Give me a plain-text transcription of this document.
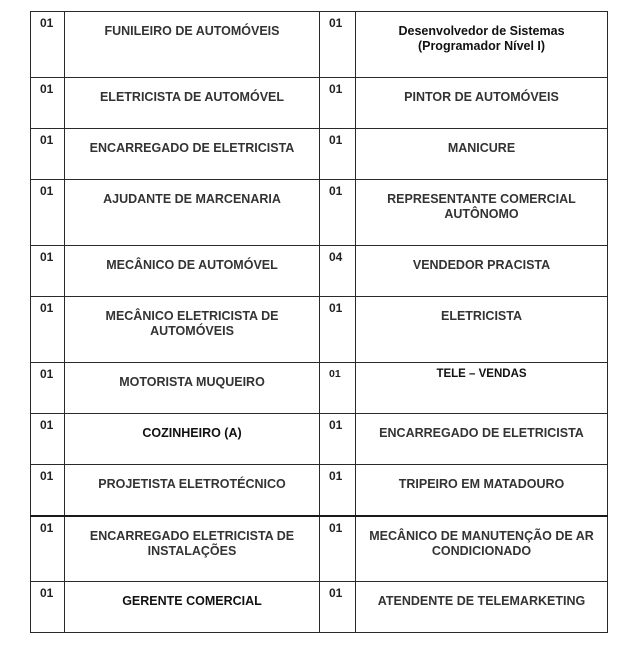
01	FUNILEIRO DE AUTOMÓVEIS	01	Desenvolvedor de Sistemas (Programador Nível I)

01	ELETRICISTA DE AUTOMÓVEL	01	PINTOR DE AUTOMÓVEIS

01	ENCARREGADO DE ELETRICISTA	01	MANICURE

01	AJUDANTE DE MARCENARIA	01	REPRESENTANTE COMERCIAL AUTÔNOMO

01	MECÂNICO DE AUTOMÓVEL	04	VENDEDOR PRACISTA

01	MECÂNICO ELETRICISTA DE AUTOMÓVEIS	01	ELETRICISTA

01	MOTORISTA MUQUEIRO	01	TELE – VENDAS

01	COZINHEIRO (A)	01	ENCARREGADO DE ELETRICISTA

01	PROJETISTA ELETROTÉCNICO	01	TRIPEIRO EM MATADOURO

01	ENCARREGADO ELETRICISTA DE INSTALAÇÕES	01	MECÂNICO DE MANUTENÇÃO DE AR CONDICIONADO

01	GERENTE COMERCIAL	01	ATENDENTE DE TELEMARKETING
